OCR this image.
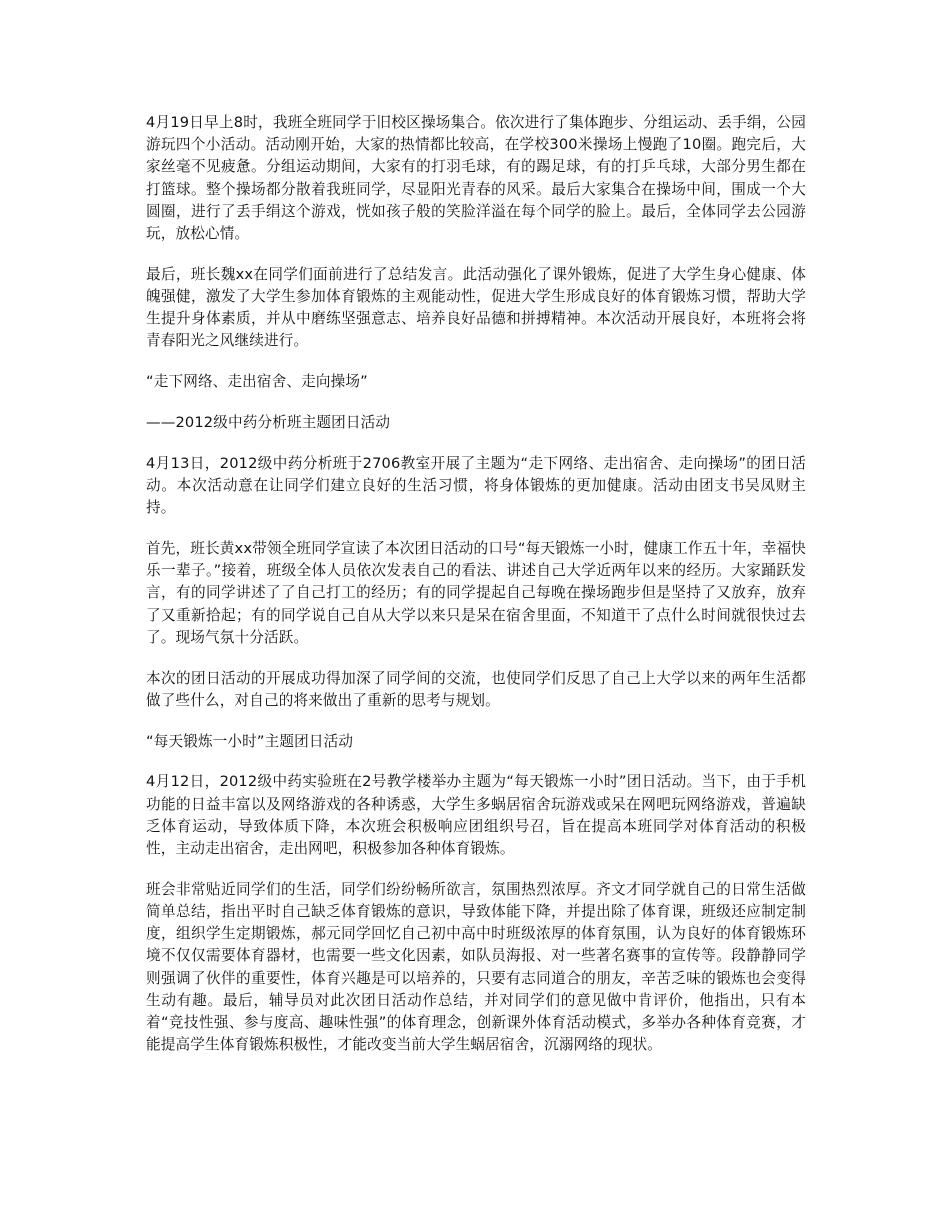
4月19日早上8时，我班全班同学于旧校区操场集合。依次进行了集体跑步、分组运动、丢手绢，公园游玩四个小活动。活动刚开始，大家的热情都比较高，在学校300米操场上慢跑了10圈。跑完后，大家丝毫不见疲惫。分组运动期间，大家有的打羽毛球，有的踢足球，有的打乒乓球，大部分男生都在打篮球。整个操场都分散着我班同学，尽显阳光青春的风采。最后大家集合在操场中间，围成一个大圆圈，进行了丢手绢这个游戏，恍如孩子般的笑脸洋溢在每个同学的脸上。最后，全体同学去公园游玩，放松心情。

最后，班长魏xx在同学们面前进行了总结发言。此活动强化了课外锻炼，促进了大学生身心健康、体魄强健，激发了大学生参加体育锻炼的主观能动性，促进大学生形成良好的体育锻炼习惯，帮助大学生提升身体素质，并从中磨练坚强意志、培养良好品德和拼搏精神。本次活动开展良好，本班将会将青春阳光之风继续进行。

“走下网络、走出宿舍、走向操场”

——2012级中药分析班主题团日活动

4月13日，2012级中药分析班于2706教室开展了主题为“走下网络、走出宿舍、走向操场”的团日活动。本次活动意在让同学们建立良好的生活习惯，将身体锻炼的更加健康。活动由团支书吴凤财主持。

首先，班长黄xx带领全班同学宣读了本次团日活动的口号“每天锻炼一小时，健康工作五十年，幸福快乐一辈子。”接着，班级全体人员依次发表自己的看法、讲述自己大学近两年以来的经历。大家踊跃发言，有的同学讲述了了自己打工的经历；有的同学提起自己每晚在操场跑步但是坚持了又放弃，放弃了又重新拾起；有的同学说自己自从大学以来只是呆在宿舍里面，不知道干了点什么时间就很快过去了。现场气氛十分活跃。

本次的团日活动的开展成功得加深了同学间的交流，也使同学们反思了自己上大学以来的两年生活都做了些什么，对自己的将来做出了重新的思考与规划。

“每天锻炼一小时”主题团日活动

4月12日，2012级中药实验班在2号教学楼举办主题为“每天锻炼一小时”团日活动。当下，由于手机功能的日益丰富以及网络游戏的各种诱惑，大学生多蜗居宿舍玩游戏或呆在网吧玩网络游戏，普遍缺乏体育运动，导致体质下降，本次班会积极响应团组织号召，旨在提高本班同学对体育活动的积极性，主动走出宿舍，走出网吧，积极参加各种体育锻炼。

班会非常贴近同学们的生活，同学们纷纷畅所欲言，氛围热烈浓厚。齐文才同学就自己的日常生活做简单总结，指出平时自己缺乏体育锻炼的意识，导致体能下降，并提出除了体育课，班级还应制定制度，组织学生定期锻炼，郝元同学回忆自己初中高中时班级浓厚的体育氛围，认为良好的体育锻炼环境不仅仅需要体育器材，也需要一些文化因素，如队员海报、对一些著名赛事的宣传等。段静静同学则强调了伙伴的重要性，体育兴趣是可以培养的，只要有志同道合的朋友，辛苦乏味的锻炼也会变得生动有趣。最后，辅导员对此次团日活动作总结，并对同学们的意见做中肯评价，他指出，只有本着“竞技性强、参与度高、趣味性强”的体育理念，创新课外体育活动模式，多举办各种体育竞赛，才能提高学生体育锻炼积极性，才能改变当前大学生蜗居宿舍，沉溺网络的现状。
